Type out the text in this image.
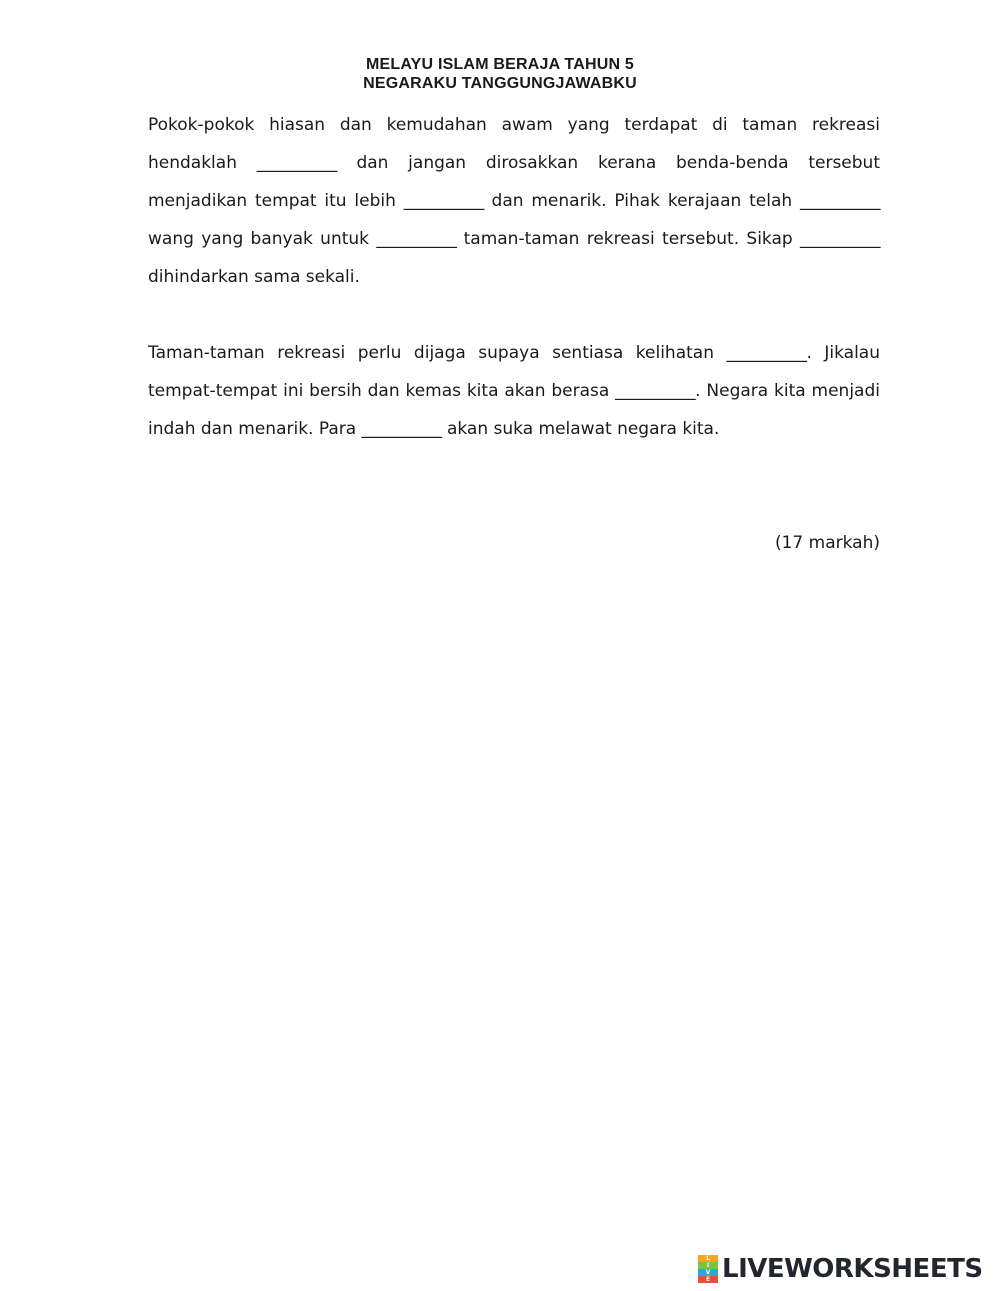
MELAYU ISLAM BERAJA TAHUN 5
NEGARAKU TANGGUNGJAWABKU

Pokok-pokok hiasan dan kemudahan awam yang terdapat di taman rekreasi hendaklah __________ dan jangan dirosakkan kerana benda-benda tersebut menjadikan tempat itu lebih __________ dan menarik. Pihak kerajaan telah __________ wang yang banyak untuk __________ taman-taman rekreasi tersebut. Sikap __________ dihindarkan sama sekali.

Taman-taman rekreasi perlu dijaga supaya sentiasa kelihatan __________. Jikalau tempat-tempat ini bersih dan kemas kita akan berasa __________. Negara kita menjadi indah dan menarik. Para __________ akan suka melawat negara kita.

(17 markah)
L
I
V
E LIVEWORKSHEETS
